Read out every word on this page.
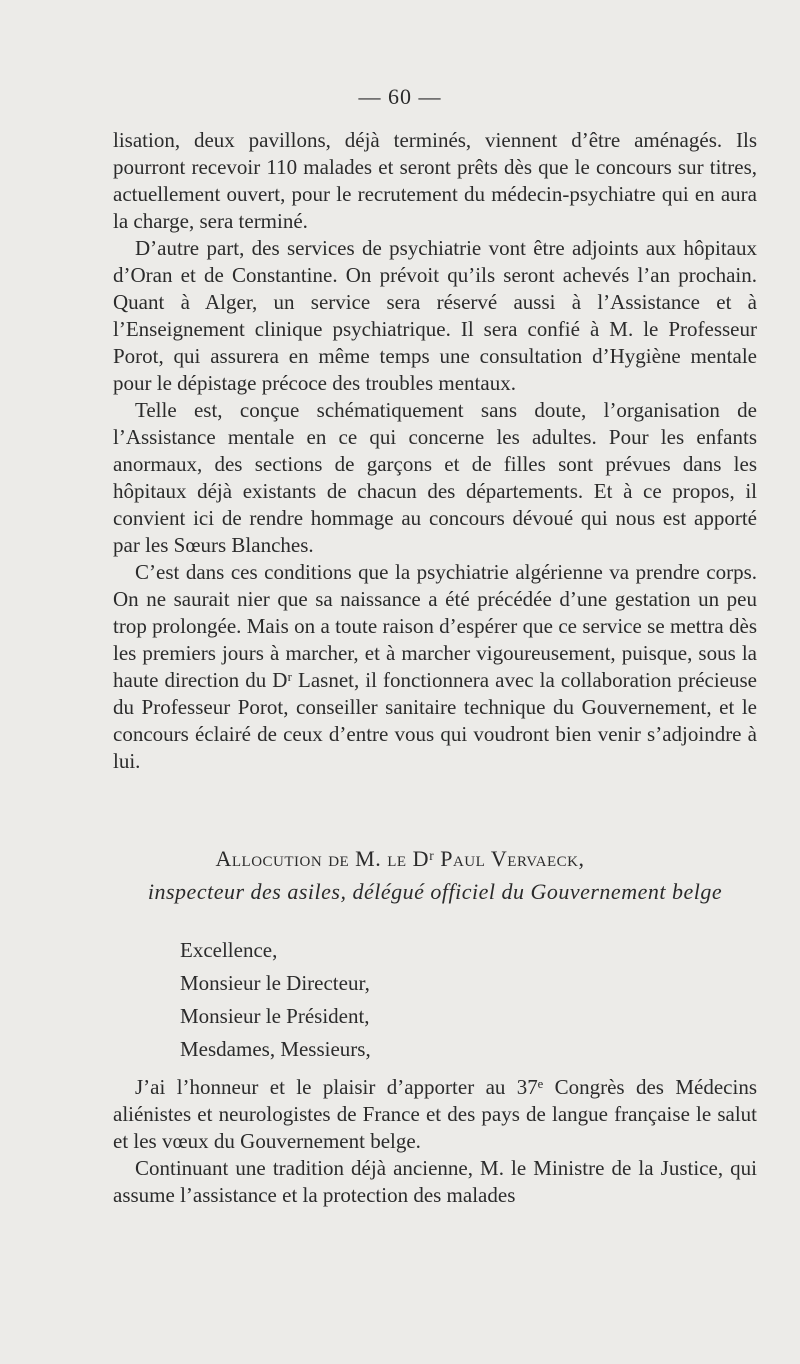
— 60 —

lisation, deux pavillons, déjà terminés, viennent d’être aménagés. Ils pourront recevoir 110 malades et seront prêts dès que le concours sur titres, actuellement ouvert, pour le recrutement du médecin-psychiatre qui en aura la charge, sera terminé.

D’autre part, des services de psychiatrie vont être adjoints aux hôpitaux d’Oran et de Constantine. On prévoit qu’ils seront achevés l’an prochain. Quant à Alger, un service sera réservé aussi à l’Assistance et à l’Enseignement clinique psychiatrique. Il sera confié à M. le Professeur Porot, qui assurera en même temps une consultation d’Hygiène mentale pour le dépistage précoce des troubles mentaux.

Telle est, conçue schématiquement sans doute, l’organisation de l’Assistance mentale en ce qui concerne les adultes. Pour les enfants anormaux, des sections de garçons et de filles sont prévues dans les hôpitaux déjà existants de chacun des départements. Et à ce propos, il convient ici de rendre hommage au concours dévoué qui nous est apporté par les Sœurs Blanches.

C’est dans ces conditions que la psychiatrie algérienne va prendre corps. On ne saurait nier que sa naissance a été précédée d’une gestation un peu trop prolongée. Mais on a toute raison d’espérer que ce service se mettra dès les premiers jours à marcher, et à marcher vigoureusement, puisque, sous la haute direction du Dʳ Lasnet, il fonctionnera avec la collaboration précieuse du Professeur Porot, conseiller sanitaire technique du Gouvernement, et le concours éclairé de ceux d’entre vous qui voudront bien venir s’adjoindre à lui.

Allocution de M. le Dʳ Paul Vervaeck,
inspecteur des asiles, délégué officiel du Gouvernement belge
Excellence,
Monsieur le Directeur,
Monsieur le Président,
Mesdames, Messieurs,

J’ai l’honneur et le plaisir d’apporter au 37ᵉ Congrès des Médecins aliénistes et neurologistes de France et des pays de langue française le salut et les vœux du Gouvernement belge.

Continuant une tradition déjà ancienne, M. le Ministre de la Justice, qui assume l’assistance et la protection des malades
